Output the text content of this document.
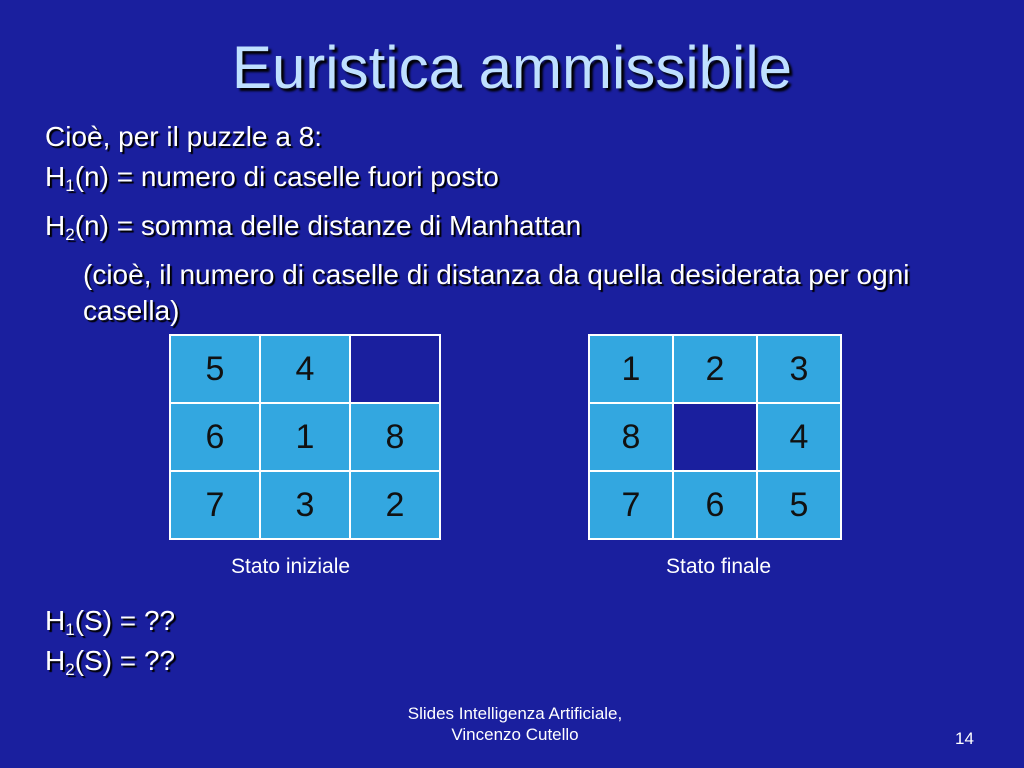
Euristica ammissibile
Cioè, per il puzzle a 8:
$H_1(n)$ = numero di caselle fuori posto
$H_2(n)$ = somma delle distanze di Manhattan
(cioè, il numero di caselle di distanza da quella desiderata per ogni casella)
5	4	
6	1	8
7	3	2
1	2	3
8		4
7	6	5
Stato iniziale	Stato finale
$H_1(S)$ = ??
$H_2(S)$ = ??
Slides Intelligenza Artificiale,
Vincenzo Cutello	14
